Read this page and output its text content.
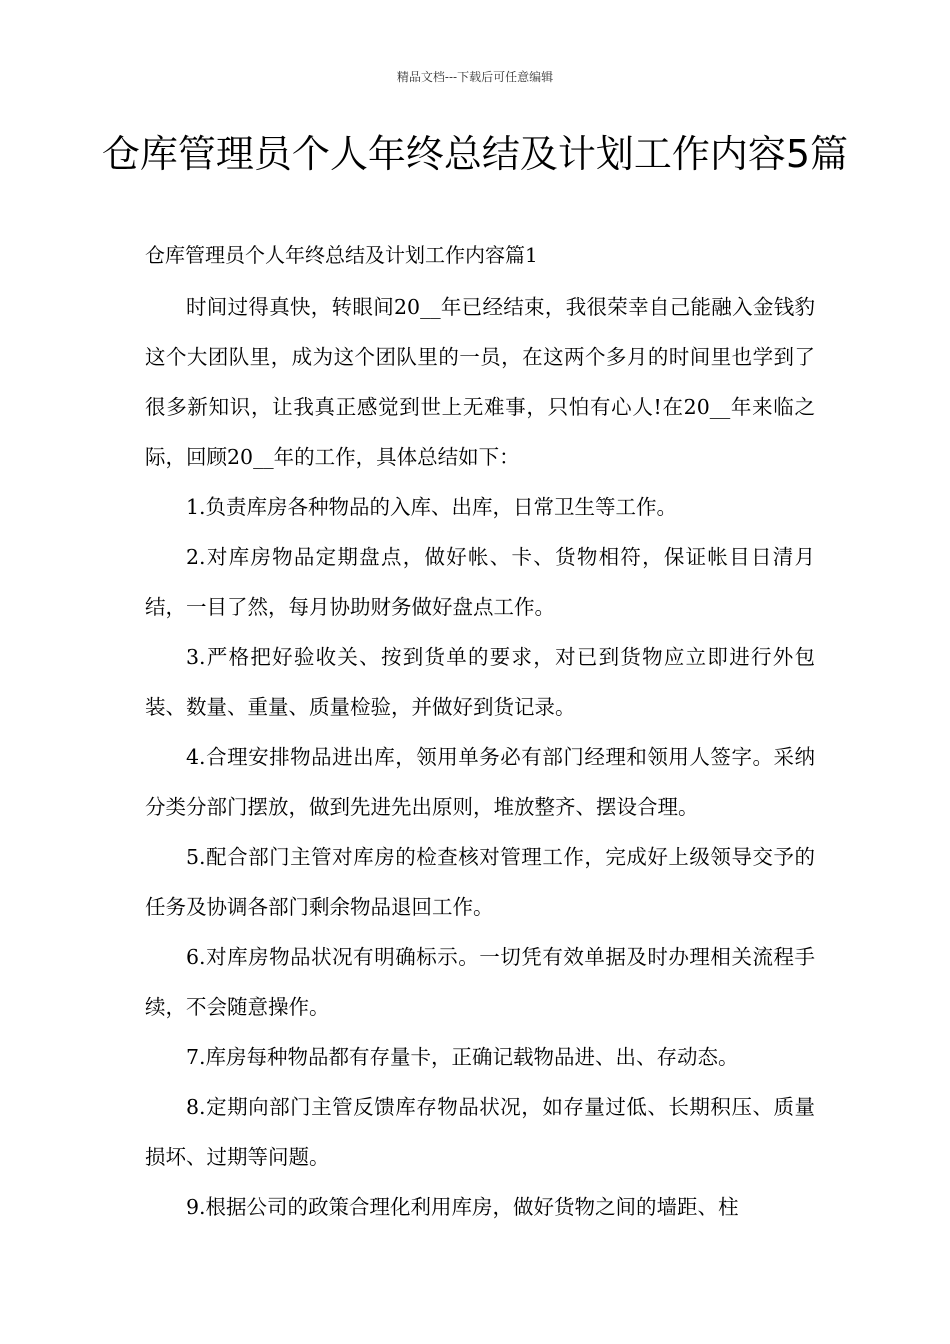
精品文档---下载后可任意编辑
仓库管理员个人年终总结及计划工作内容5篇
仓库管理员个人年终总结及计划工作内容篇1

时间过得真快，转眼间20__年已经结束，我很荣幸自己能融入金钱豹这个大团队里，成为这个团队里的一员，在这两个多月的时间里也学到了很多新知识，让我真正感觉到世上无难事，只怕有心人!在20__年来临之际，回顾20__年的工作，具体总结如下：

1.负责库房各种物品的入库、出库，日常卫生等工作。

2.对库房物品定期盘点，做好帐、卡、货物相符，保证帐目日清月结，一目了然，每月协助财务做好盘点工作。

3.严格把好验收关、按到货单的要求，对已到货物应立即进行外包装、数量、重量、质量检验，并做好到货记录。

4.合理安排物品进出库，领用单务必有部门经理和领用人签字。采纳分类分部门摆放，做到先进先出原则，堆放整齐、摆设合理。

5.配合部门主管对库房的检查核对管理工作，完成好上级领导交予的任务及协调各部门剩余物品退回工作。

6.对库房物品状况有明确标示。一切凭有效单据及时办理相关流程手续，不会随意操作。

7.库房每种物品都有存量卡，正确记载物品进、出、存动态。

8.定期向部门主管反馈库存物品状况，如存量过低、长期积压、质量损坏、过期等问题。

9.根据公司的政策合理化利用库房，做好货物之间的墙距、柱
